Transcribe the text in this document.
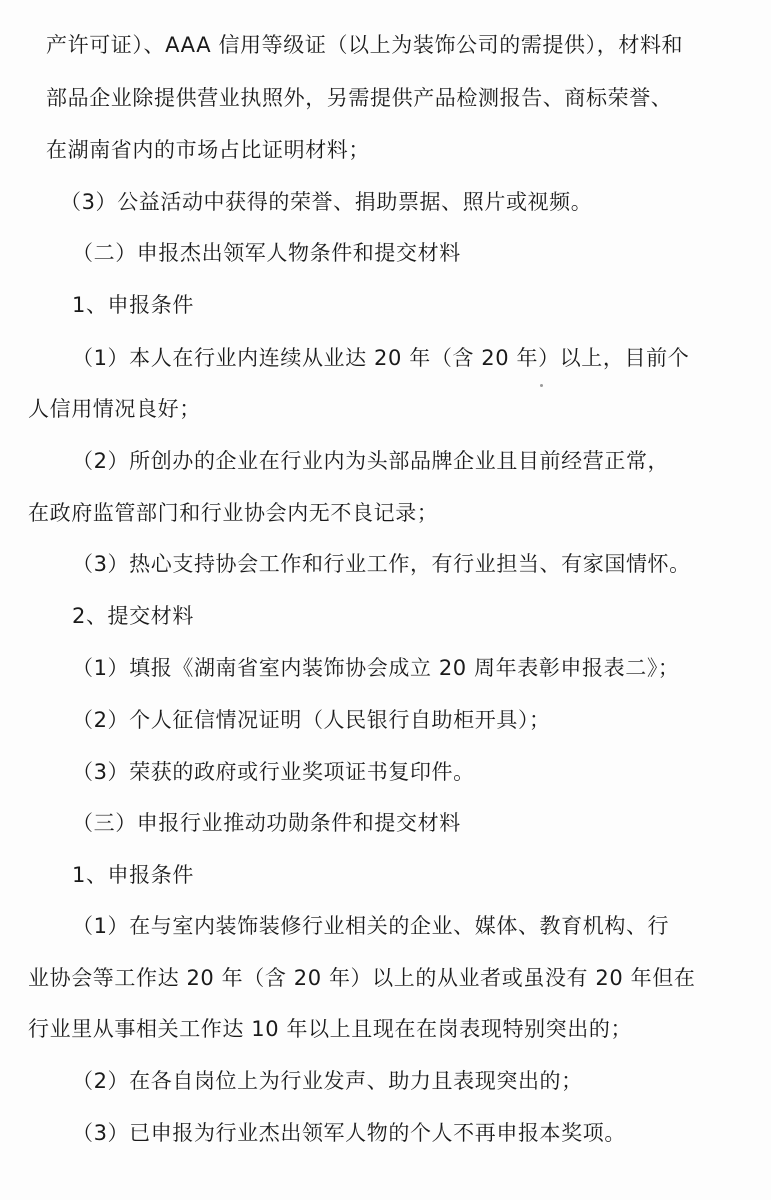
产许可证）、AAA 信用等级证（以上为装饰公司的需提供），材料和

部品企业除提供营业执照外，另需提供产品检测报告、商标荣誉、

在湖南省内的市场占比证明材料；

（3）公益活动中获得的荣誉、捐助票据、照片或视频。

（二）申报杰出领军人物条件和提交材料

1、申报条件

（1）本人在行业内连续从业达 20 年（含 20 年）以上，目前个

人信用情况良好；

（2）所创办的企业在行业内为头部品牌企业且目前经营正常，

在政府监管部门和行业协会内无不良记录；

（3）热心支持协会工作和行业工作，有行业担当、有家国情怀。

2、提交材料

（1）填报《湖南省室内装饰协会成立 20 周年表彰申报表二》；

（2）个人征信情况证明（人民银行自助柜开具）；

（3）荣获的政府或行业奖项证书复印件。

（三）申报行业推动功勋条件和提交材料

1、申报条件

（1）在与室内装饰装修行业相关的企业、媒体、教育机构、行

业协会等工作达 20 年（含 20 年）以上的从业者或虽没有 20 年但在

行业里从事相关工作达 10 年以上且现在在岗表现特别突出的；

（2）在各自岗位上为行业发声、助力且表现突出的；

（3）已申报为行业杰出领军人物的个人不再申报本奖项。
